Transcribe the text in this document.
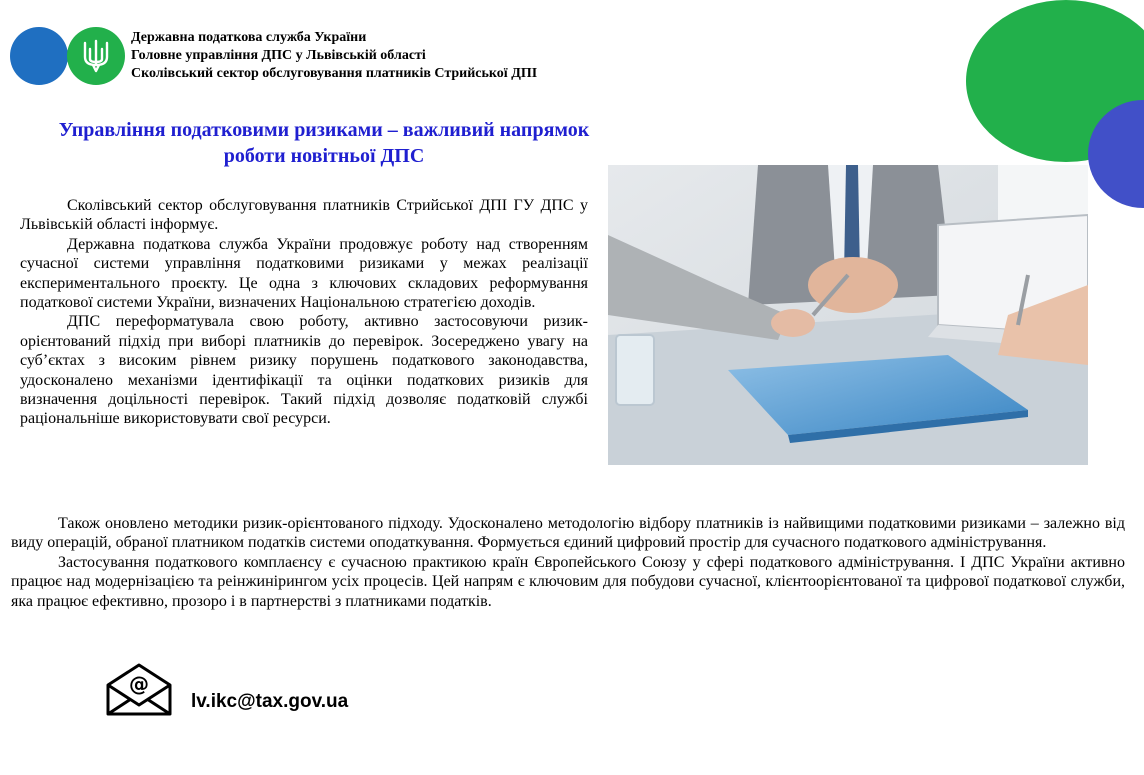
Державна податкова служба України
Головне управління ДПС у Львівській області
Сколівський сектор обслуговування платників Стрийської ДПІ
Управління податковими ризиками – важливий напрямок
роботи новітньої ДПС

Сколівський сектор обслуговування платників Стрийської ДПІ ГУ ДПС у Львівській області інформує.

Державна податкова служба України продовжує роботу над створенням сучасної системи управління податковими ризиками у межах реалізації експериментального проєкту. Це одна з ключових складових реформування податкової системи України, визначених Національною стратегією доходів.

ДПС переформатувала свою роботу, активно застосовуючи ризик-орієнтований підхід при виборі платників до перевірок. Зосереджено увагу на суб’єктах з високим рівнем ризику порушень податкового законодавства, удосконалено механізми ідентифікації та оцінки податкових ризиків для визначення доцільності перевірок. Такий підхід дозволяє податковій службі раціональніше використовувати свої ресурси.

Також оновлено методики ризик-орієнтованого підходу. Удосконалено методологію відбору платників із найвищими податковими ризиками – залежно від виду операцій, обраної платником податків системи оподаткування. Формується єдиний цифровий простір для сучасного податкового адміністрування.

Застосування податкового комплаєнсу є сучасною практикою країн Європейського Союзу у сфері податкового адміністрування. І ДПС України активно працює над модернізацією та реінжинірингом усіх процесів. Цей напрям є ключовим для побудови сучасної, клієнтоорієнтованої та цифрової податкової служби, яка працює ефективно, прозоро і в партнерстві з платниками податків.

@
lv.ikc@tax.gov.ua
